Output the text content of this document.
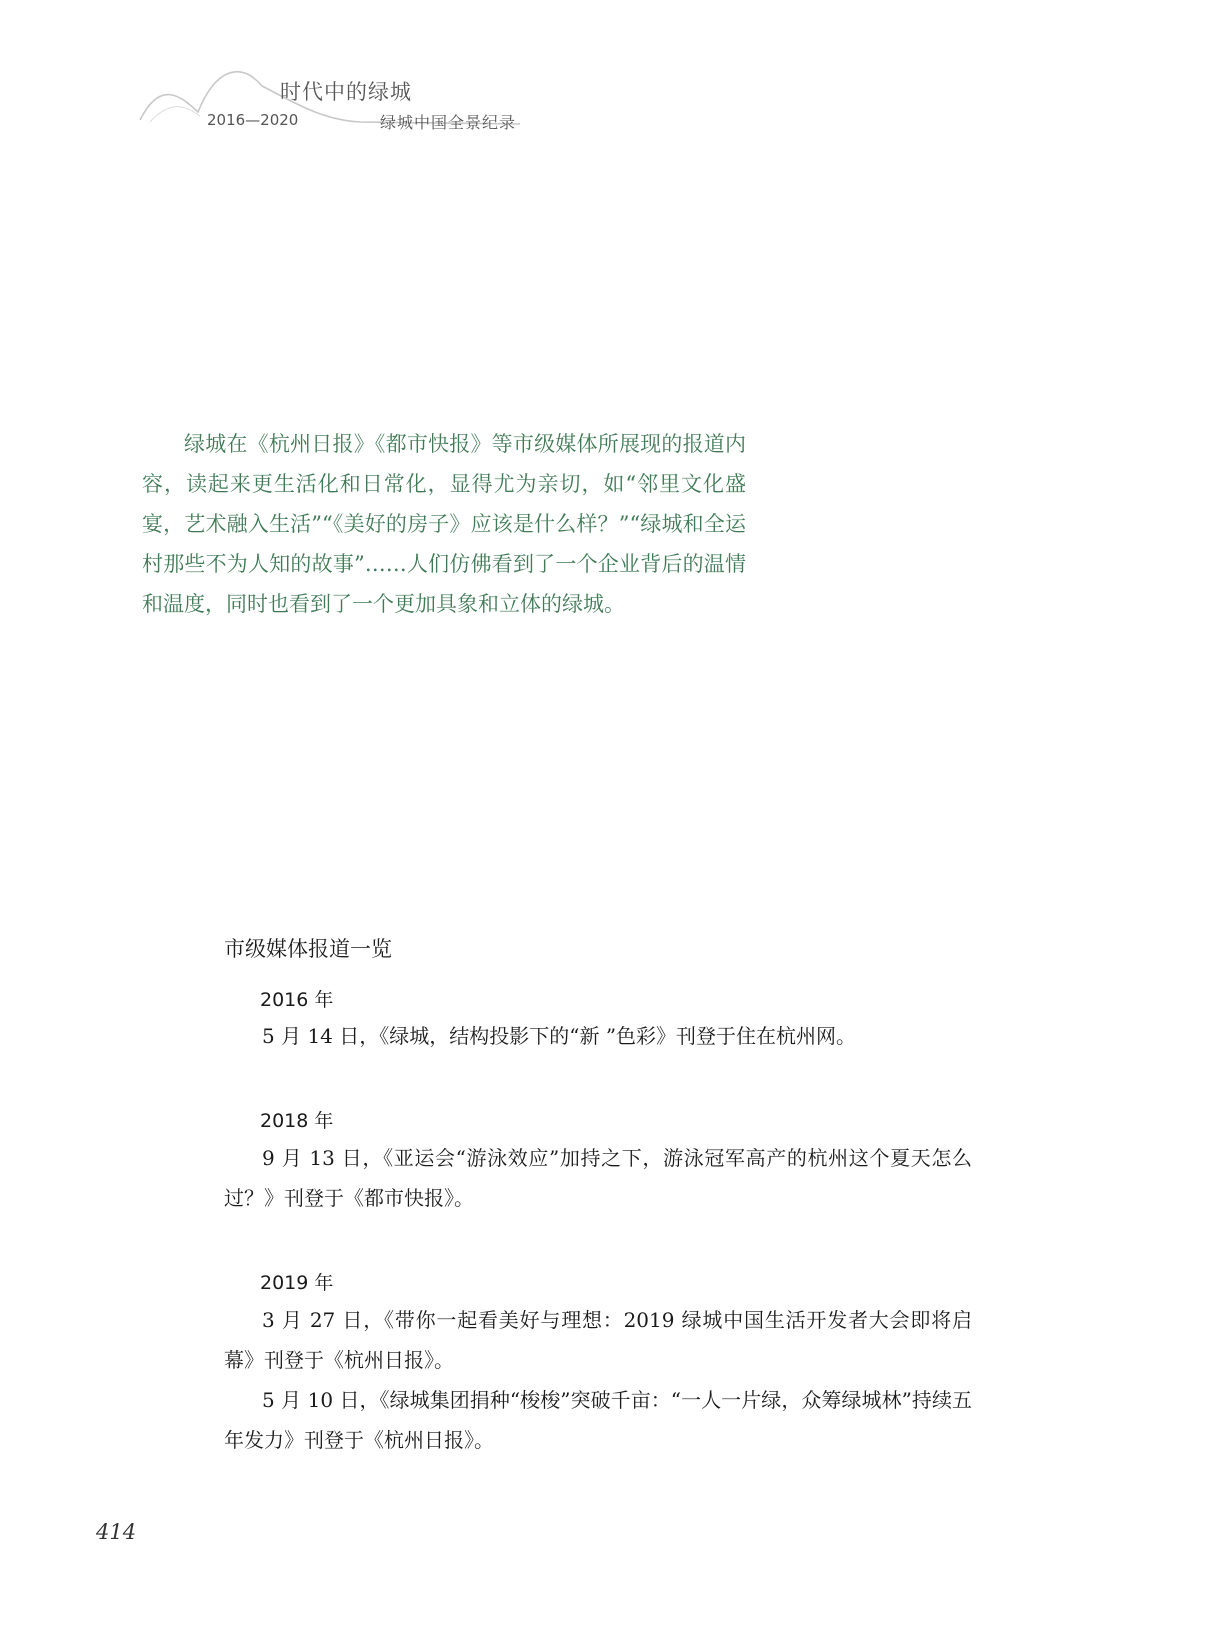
时代中的绿城
2016—2020	绿城中国全景纪录

绿城在《杭州日报》《都市快报》等市级媒体所展现的报道内容，读起来更生活化和日常化，显得尤为亲切，如“邻里文化盛宴，艺术融入生活”“《美好的房子》应该是什么样？”“绿城和全运村那些不为人知的故事”……人们仿佛看到了一个企业背后的温情和温度，同时也看到了一个更加具象和立体的绿城。

市级媒体报道一览
2016 年

5 月 14 日，《绿城，结构投影下的“新 ”色彩》刊登于住在杭州网。

2018 年

9 月 13 日，《亚运会“游泳效应”加持之下，游泳冠军高产的杭州这个夏天怎么过？》刊登于《都市快报》。

2019 年

3 月 27 日，《带你一起看美好与理想：2019 绿城中国生活开发者大会即将启幕》刊登于《杭州日报》。

5 月 10 日，《绿城集团捐种“梭梭”突破千亩：“一人一片绿，众筹绿城林”持续五年发力》刊登于《杭州日报》。

414
